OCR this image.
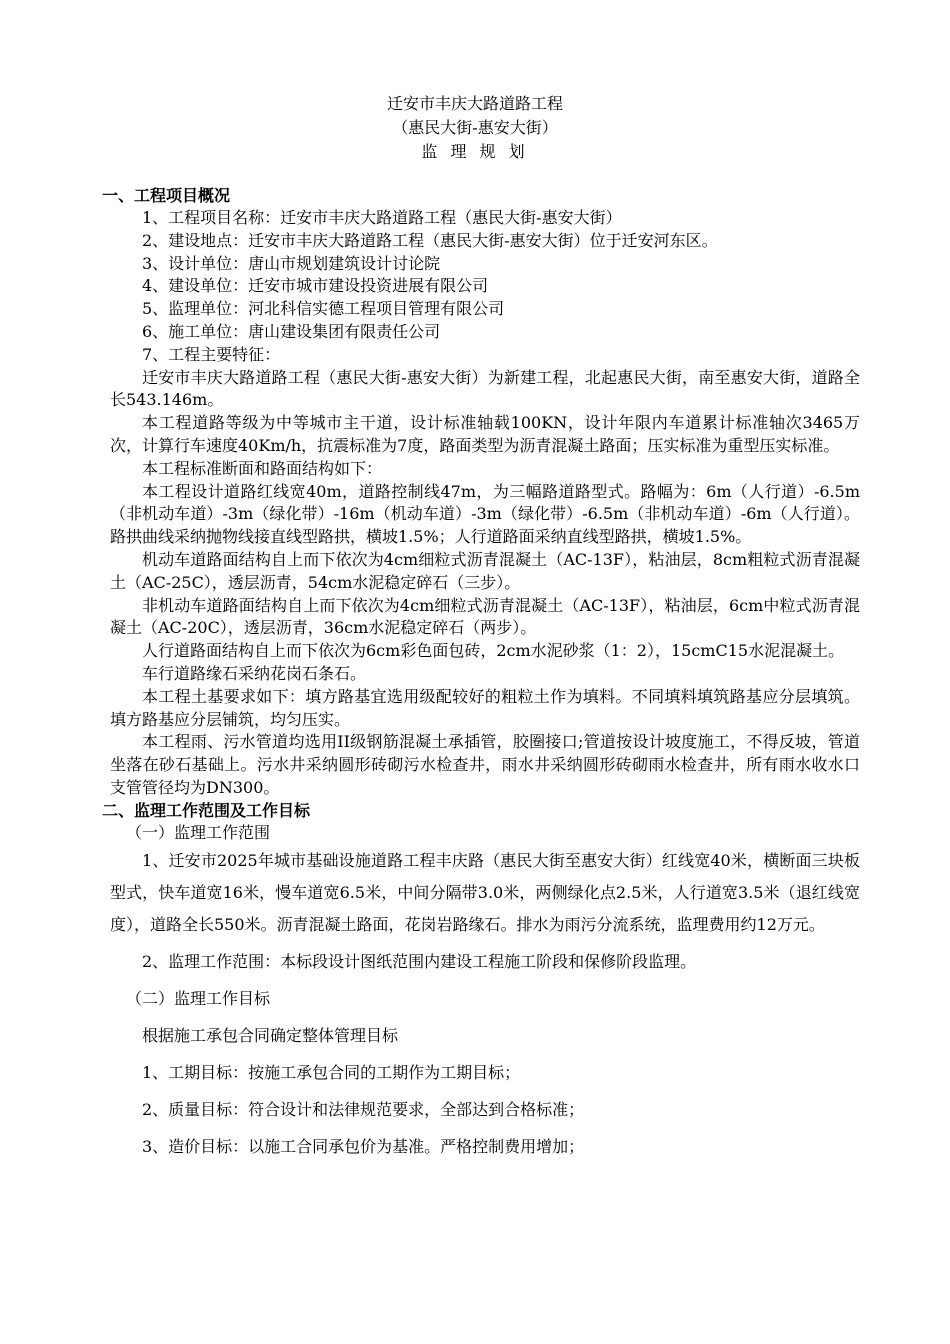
迁安市丰庆大路道路工程
（惠民大街-惠安大街）
监 理 规 划
一、工程项目概况
1、工程项目名称：迁安市丰庆大路道路工程（惠民大街-惠安大街）
2、建设地点：迁安市丰庆大路道路工程（惠民大街-惠安大街）位于迁安河东区。
3、设计单位：唐山市规划建筑设计讨论院
4、建设单位：迁安市城市建设投资进展有限公司
5、监理单位：河北科信实德工程项目管理有限公司
6、施工单位：唐山建设集团有限责任公司
7、工程主要特征：
迁安市丰庆大路道路工程（惠民大街-惠安大街）为新建工程，北起惠民大街，南至惠安大街，道路全长543.146m。
本工程道路等级为中等城市主干道，设计标准轴载100KN，设计年限内车道累计标准轴次3465万次，计算行车速度40Km/h，抗震标准为7度，路面类型为沥青混凝土路面；压实标准为重型压实标准。
本工程标准断面和路面结构如下：
本工程设计道路红线宽40m，道路控制线47m，为三幅路道路型式。路幅为：6m（人行道）-6.5m（非机动车道）-3m（绿化带）-16m（机动车道）-3m（绿化带）-6.5m（非机动车道）-6m（人行道）。路拱曲线采纳抛物线接直线型路拱，横坡1.5%；人行道路面采纳直线型路拱，横坡1.5%。
机动车道路面结构自上而下依次为4cm细粒式沥青混凝土（AC-13F），粘油层，8cm粗粒式沥青混凝土（AC-25C），透层沥青，54cm水泥稳定碎石（三步）。
非机动车道路面结构自上而下依次为4cm细粒式沥青混凝土（AC-13F），粘油层，6cm中粒式沥青混凝土（AC-20C），透层沥青，36cm水泥稳定碎石（两步）。
人行道路面结构自上而下依次为6cm彩色面包砖，2cm水泥砂浆（1：2），15cmC15水泥混凝土。
车行道路缘石采纳花岗石条石。
本工程土基要求如下：填方路基宜选用级配较好的粗粒土作为填料。不同填料填筑路基应分层填筑。填方路基应分层铺筑，均匀压实。
本工程雨、污水管道均选用II级钢筋混凝土承插管，胶圈接口;管道按设计坡度施工，不得反坡，管道坐落在砂石基础上。污水井采纳圆形砖砌污水检查井，雨水井采纳圆形砖砌雨水检查井，所有雨水收水口支管管径均为DN300。
二、监理工作范围及工作目标
（一）监理工作范围
1、迁安市2025年城市基础设施道路工程丰庆路（惠民大街至惠安大街）红线宽40米，横断面三块板型式，快车道宽16米，慢车道宽6.5米，中间分隔带3.0米，两侧绿化点2.5米，人行道宽3.5米（退红线宽度），道路全长550米。沥青混凝土路面，花岗岩路缘石。排水为雨污分流系统，监理费用约12万元。
2、监理工作范围：本标段设计图纸范围内建设工程施工阶段和保修阶段监理。
（二）监理工作目标
根据施工承包合同确定整体管理目标
1、工期目标：按施工承包合同的工期作为工期目标；
2、质量目标：符合设计和法律规范要求，全部达到合格标准；
3、造价目标：以施工合同承包价为基准。严格控制费用增加；
